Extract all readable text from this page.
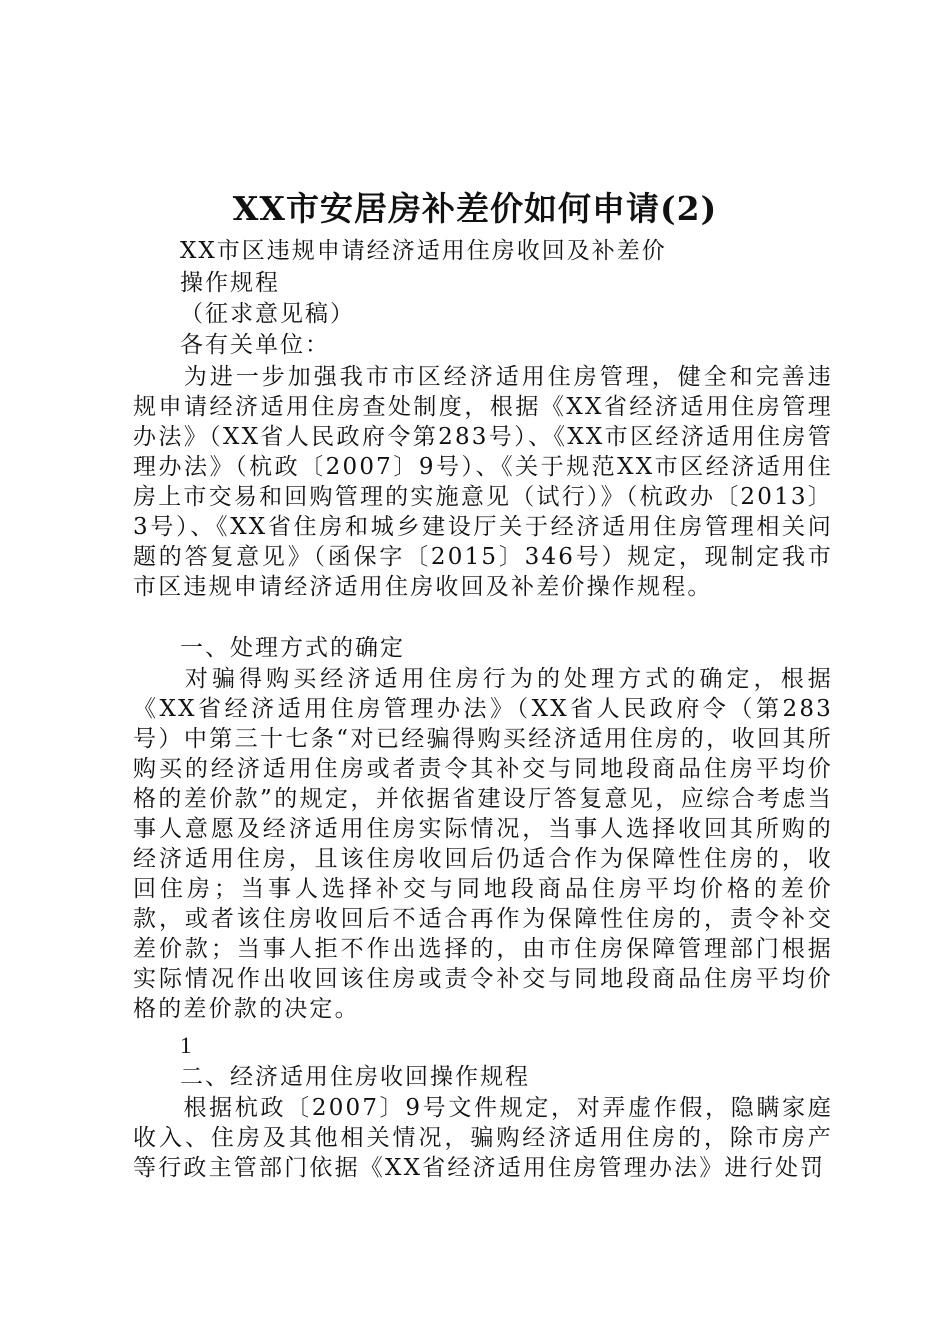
XX市安居房补差价如何申请(2)

XX市区违规申请经济适用住房收回及补差价

操作规程

（征求意见稿）

各有关单位：

为进一步加强我市市区经济适用住房管理，健全和完善违规申请经济适用住房查处制度，根据《XX省经济适用住房管理办法》（XX省人民政府令第283号）、《XX市区经济适用住房管理办法》（杭政〔2007〕9号）、《关于规范XX市区经济适用住房上市交易和回购管理的实施意见（试行）》（杭政办〔2013〕3号）、《XX省住房和城乡建设厅关于经济适用住房管理相关问题的答复意见》（函保字〔2015〕346号）规定，现制定我市市区违规申请经济适用住房收回及补差价操作规程。

一、处理方式的确定

对骗得购买经济适用住房行为的处理方式的确定，根据《XX省经济适用住房管理办法》（XX省人民政府令（第283号）中第三十七条“对已经骗得购买经济适用住房的，收回其所购买的经济适用住房或者责令其补交与同地段商品住房平均价格的差价款”的规定，并依据省建设厅答复意见，应综合考虑当事人意愿及经济适用住房实际情况，当事人选择收回其所购的经济适用住房，且该住房收回后仍适合作为保障性住房的，收回住房；当事人选择补交与同地段商品住房平均价格的差价款，或者该住房收回后不适合再作为保障性住房的，责令补交差价款；当事人拒不作出选择的，由市住房保障管理部门根据实际情况作出收回该住房或责令补交与同地段商品住房平均价格的差价款的决定。

1

二、经济适用住房收回操作规程

根据杭政〔2007〕9号文件规定，对弄虚作假，隐瞒家庭收入、住房及其他相关情况，骗购经济适用住房的，除市房产等行政主管部门依据《XX省经济适用住房管理办法》进行处罚
